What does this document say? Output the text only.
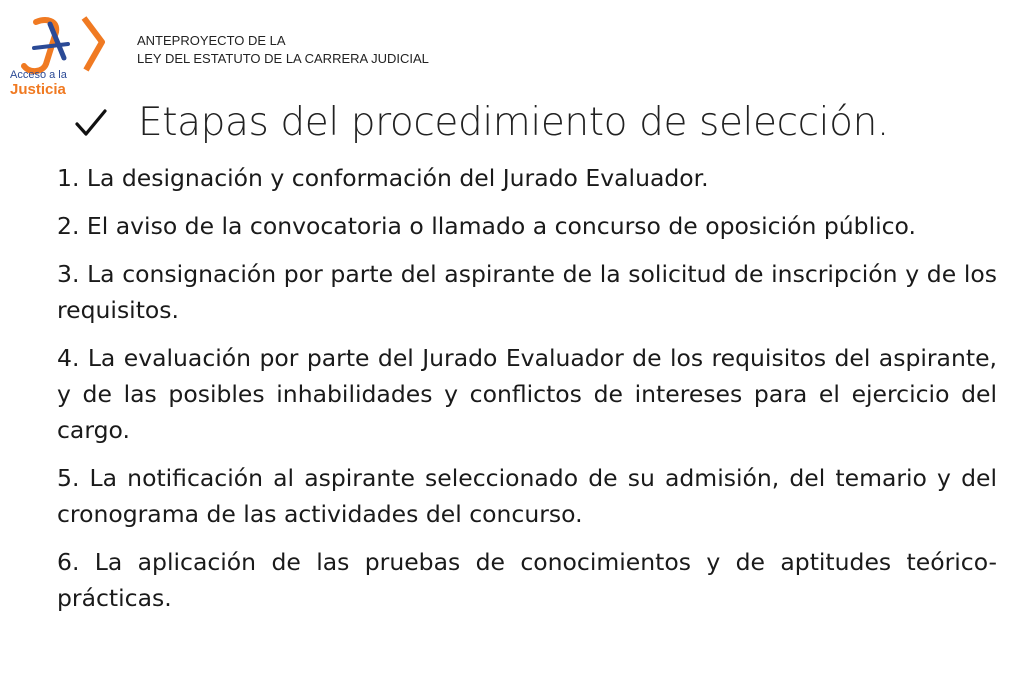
Acceso a la
Justicia
ANTEPROYECTO DE LA
LEY DEL ESTATUTO DE LA CARRERA JUDICIAL
Etapas del procedimiento de selección.

1. La designación y conformación del Jurado Evaluador.

2. El aviso de la convocatoria o llamado a concurso de oposición público.

3. La consignación por parte del aspirante de la solicitud de inscripción y de los requisitos.

4. La evaluación por parte del Jurado Evaluador de los requisitos del aspirante, y de las posibles inhabilidades y conflictos de intereses para el ejercicio del cargo.

5. La notificación al aspirante seleccionado de su admisión, del temario y del cronograma de las actividades del concurso.

6. La aplicación de las pruebas de conocimientos y de aptitudes teórico-prácticas.
